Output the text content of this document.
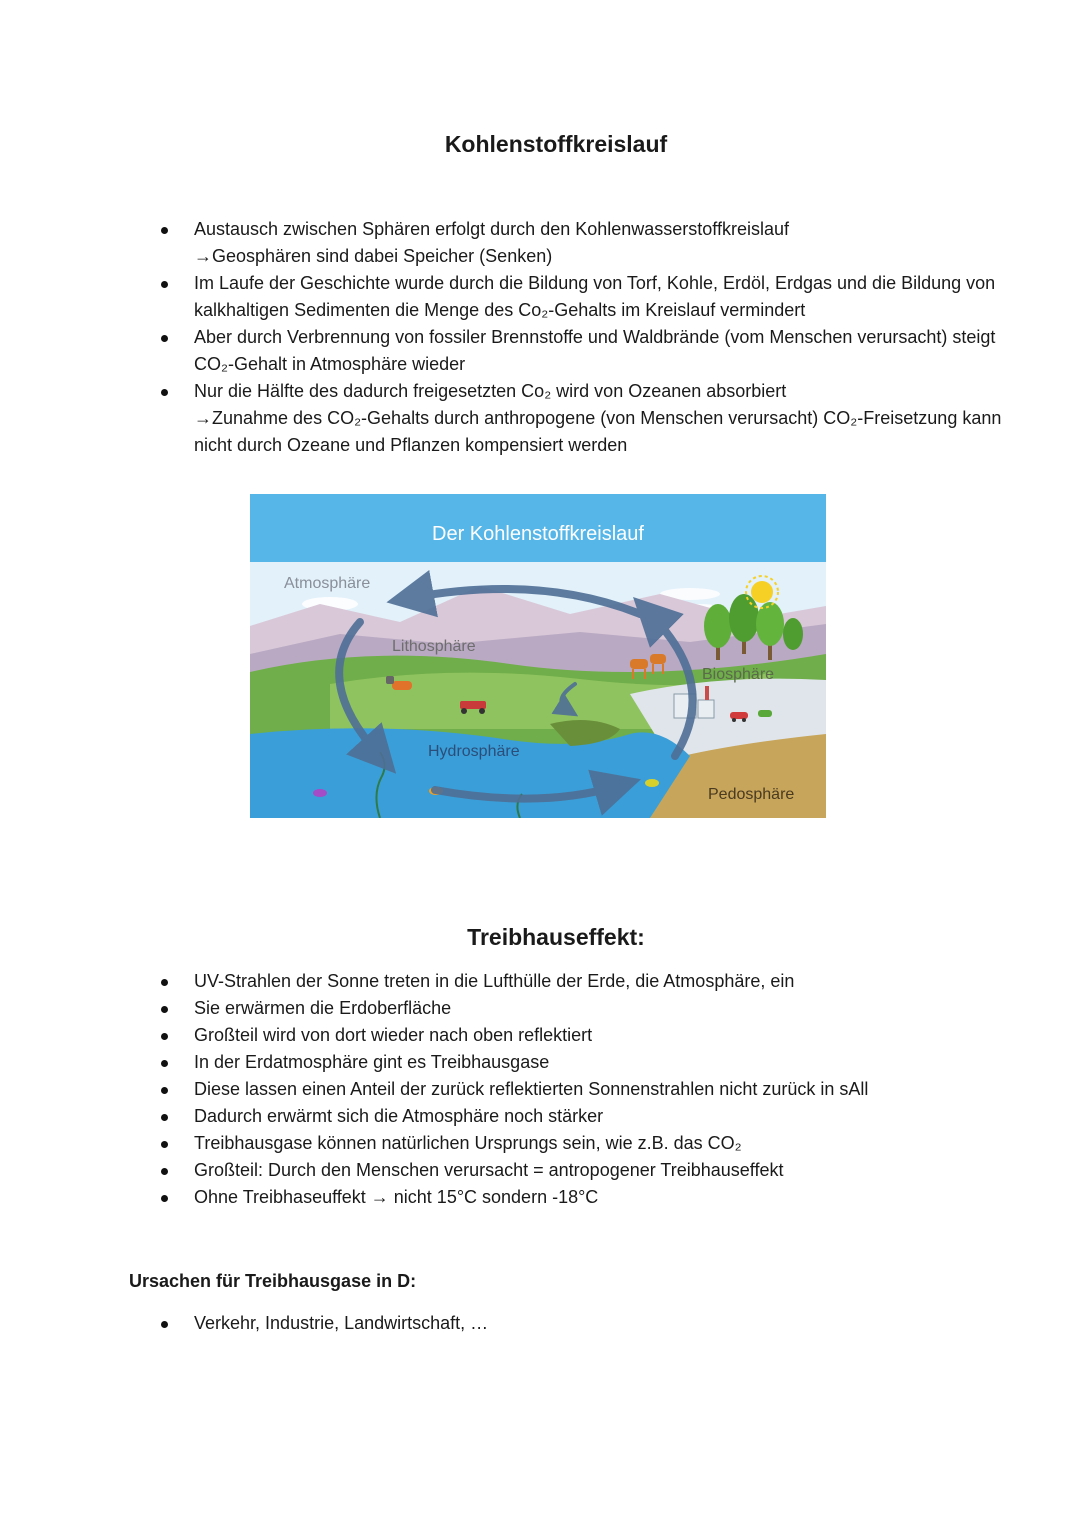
Kohlenstoffkreislauf
Austausch zwischen Sphären erfolgt durch den Kohlenwasserstoffkreislauf
→Geosphären sind dabei Speicher (Senken)
Im Laufe der Geschichte wurde durch die Bildung von Torf, Kohle, Erdöl, Erdgas und die Bildung von kalkhaltigen Sedimenten die Menge des Co₂-Gehalts im Kreislauf vermindert
Aber durch Verbrennung von fossiler Brennstoffe und Waldbrände (vom Menschen verursacht) steigt CO₂-Gehalt in Atmosphäre wieder
Nur die Hälfte des dadurch freigesetzten Co₂ wird von Ozeanen absorbiert
→Zunahme des CO₂-Gehalts durch anthropogene (von Menschen verursacht) CO₂-Freisetzung kann nicht durch Ozeane und Pflanzen kompensiert werden
Der Kohlenstoffkreislauf
Atmosphäre
Lithosphäre
Biosphäre
Hydrosphäre
Pedosphäre
Treibhauseffekt:
UV-Strahlen der Sonne treten in die Lufthülle der Erde, die Atmosphäre, ein
Sie erwärmen die Erdoberfläche
Großteil wird von dort wieder nach oben reflektiert
In der Erdatmosphäre gint es Treibhausgase
Diese lassen einen Anteil der zurück reflektierten Sonnenstrahlen nicht zurück in sAll
Dadurch erwärmt sich die Atmosphäre noch stärker
Treibhausgase können natürlichen Ursprungs sein, wie z.B. das CO₂
Großteil: Durch den Menschen verursacht = antropogener Treibhauseffekt
Ohne Treibhaseuffekt → nicht 15°C sondern -18°C
Ursachen für Treibhausgase in D:
Verkehr, Industrie, Landwirtschaft, …
